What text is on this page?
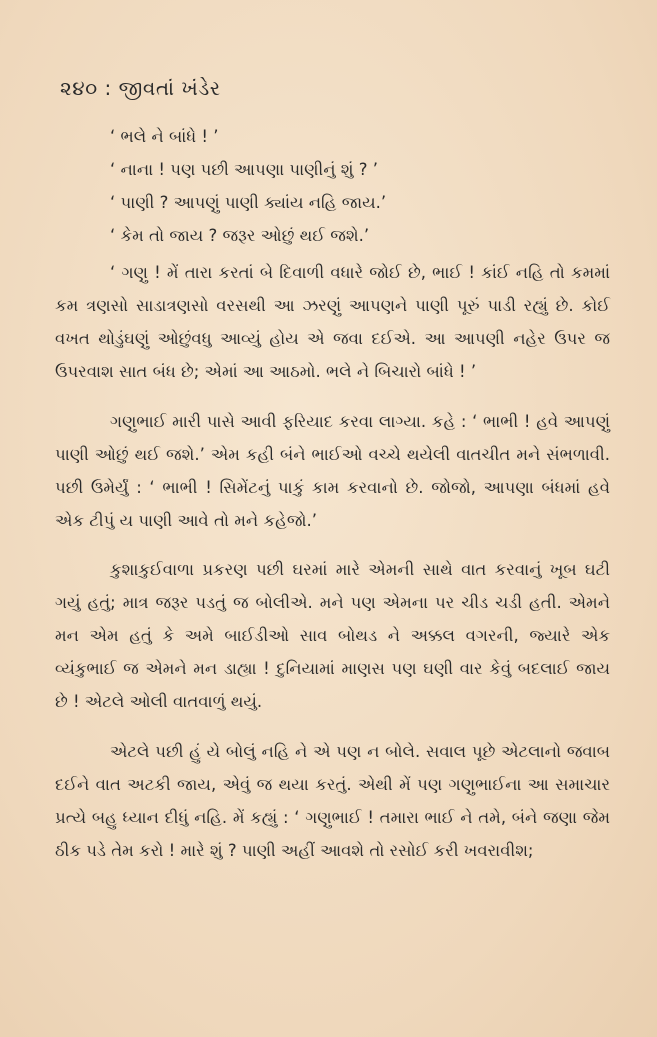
૨૪૦ : જીવતાં ખંડેર
‘ ભલે ને બાંધે ! ’
‘ નાના ! પણ પછી આપણા પાણીનું શું ? ’
‘ પાણી ? આપણું પાણી ક્યાંય નહિ જાય.’
‘ કેમ તો જાય ? જરૂર ઓછું થઈ જશે.’

‘ ગણુ ! મેં તારા કરતાં બે દિવાળી વધારે જોઈ છે, ભાઈ ! કાંઈ નહિ તો કમમાં કમ ત્રણસો સાડાત્રણસો વરસથી આ ઝરણું આપણને પાણી પૂરું પાડી રહ્યું છે. કોઈ વખત થોડુંઘણું ઓછુંવધુ આવ્યું હોય એ જવા દઈએ. આ આપણી નહેર ઉપર જ ઉપરવાશ સાત બંધ છે; એમાં આ આઠમો. ભલે ને બિચારો બાંધે ! ’

ગણુભાઈ મારી પાસે આવી ફરિયાદ કરવા લાગ્યા. કહે : ‘ ભાભી ! હવે આપણું પાણી ઓછું થઈ જશે.’ એમ કહી બંને ભાઈઓ વચ્ચે થયેલી વાતચીત મને સંભળાવી. પછી ઉમેર્યું : ‘ ભાભી ! સિમેંટનું પાકું કામ કરવાનો છે. જોજો, આપણા બંધમાં હવે એક ટીપું ય પાણી આવે તો મને કહેજો.’

કુશાકુઈવાળા પ્રકરણ પછી ઘરમાં મારે એમની સાથે વાત કરવાનું ખૂબ ઘટી ગયું હતું; માત્ર જરૂર પડતું જ બોલીએ. મને પણ એમના પર ચીડ ચડી હતી. એમને મન એમ હતું કે અમે બાઈડીઓ સાવ બોથડ ને અક્કલ વગરની, જ્યારે એક વ્યંકુભાઈ જ એમને મન ડાહ્યા ! દુનિયામાં માણસ પણ ઘણી વાર કેવું બદલાઈ જાય છે ! એટલે ઓલી વાતવાળું થયું.

એટલે પછી હું યે બોલું નહિ ને એ પણ ન બોલે. સવાલ પૂછે એટલાનો જવાબ દઈને વાત અટકી જાય, એવું જ થયા કરતું. એથી મેં પણ ગણુભાઈના આ સમાચાર પ્રત્યે બહુ ધ્યાન દીધું નહિ. મેં કહ્યું : ‘ ગણુભાઈ ! તમારા ભાઈ ને તમે, બંને જણા જેમ ઠીક પડે તેમ કરો ! મારે શું ? પાણી અહીં આવશે તો રસોઈ કરી ખવરાવીશ;
